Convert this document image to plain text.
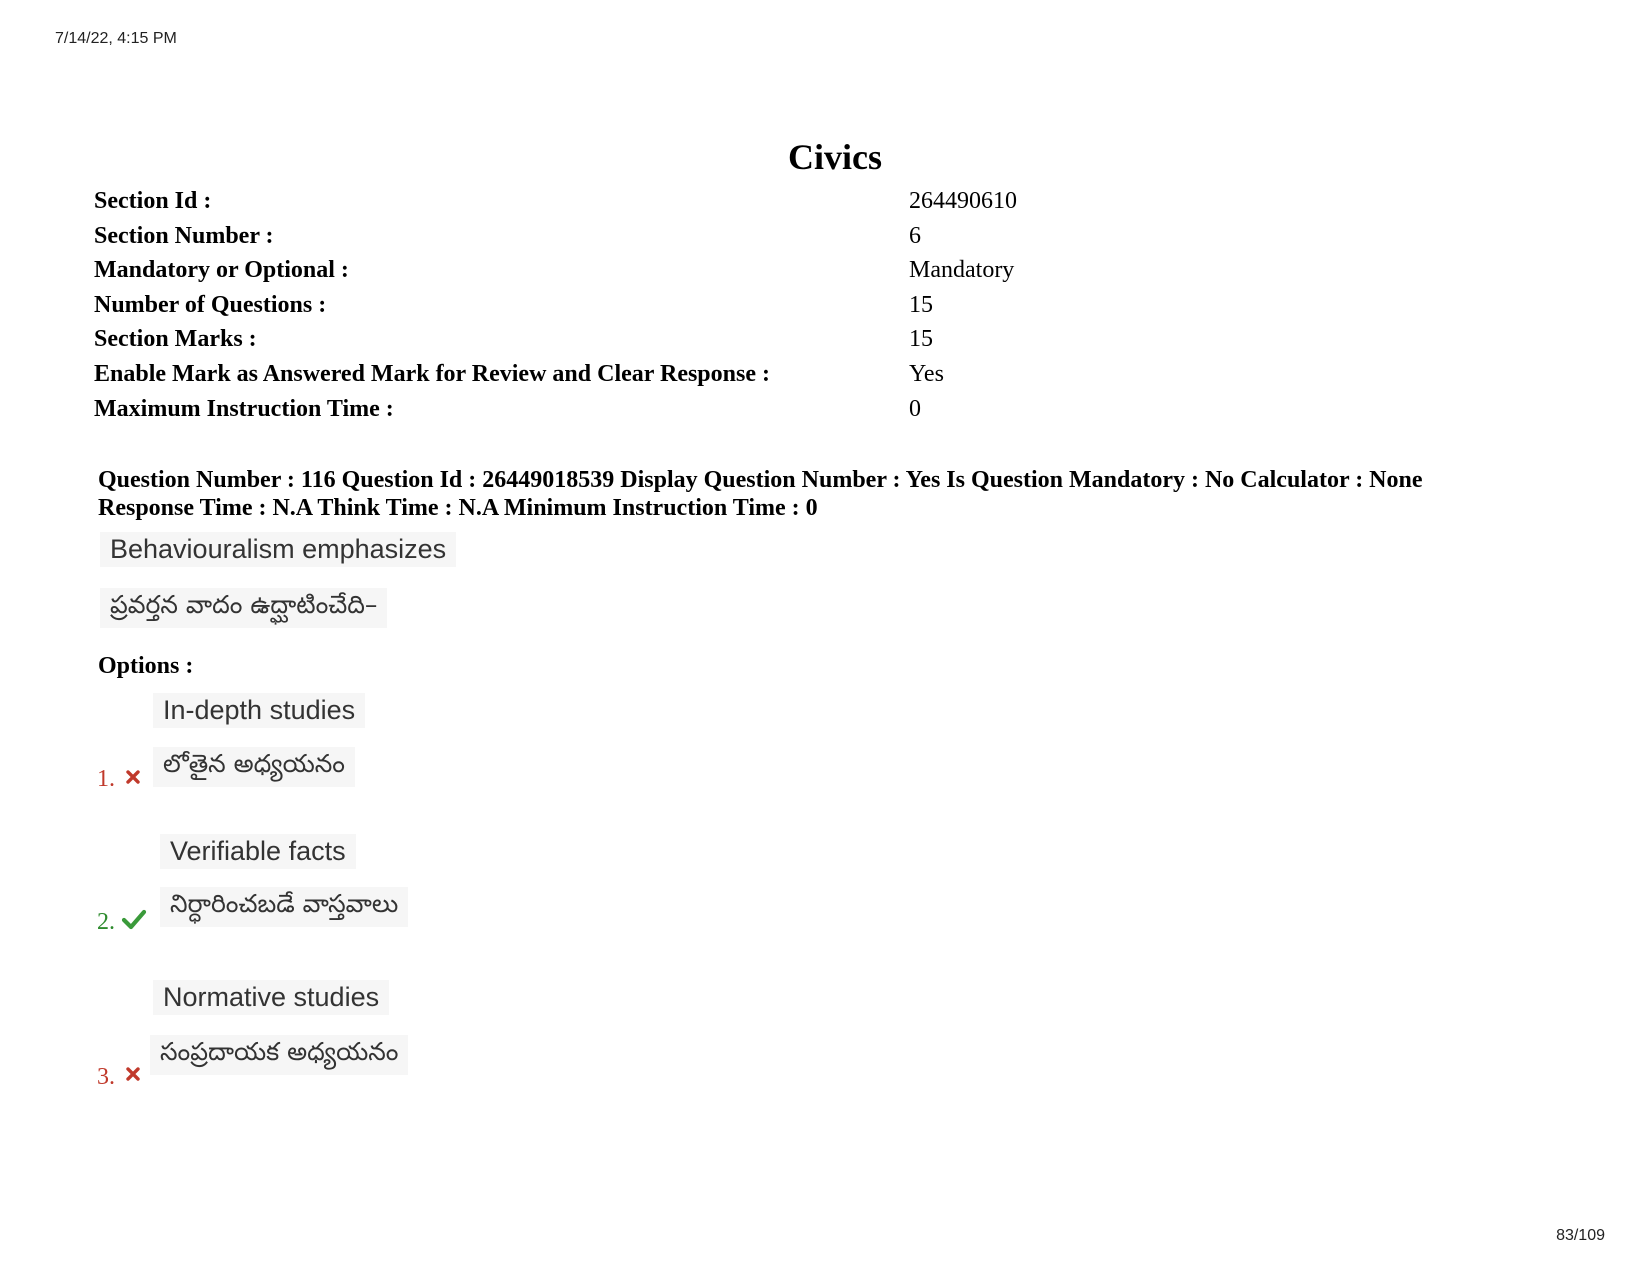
7/14/22, 4:15 PM
Civics
Section Id :	264490610
Section Number :	6
Mandatory or Optional :	Mandatory
Number of Questions :	15
Section Marks :	15
Enable Mark as Answered Mark for Review and Clear Response :	Yes
Maximum Instruction Time :	0
Question Number : 116 Question Id : 26449018539 Display Question Number : Yes Is Question Mandatory : No Calculator : None
Response Time : N.A Think Time : N.A Minimum Instruction Time : 0
Behaviouralism emphasizes
ప్రవర్తన వాదం ఉద్ఘాటించేది–
Options :
1.
In-depth studies
లోతైన అధ్యయనం
2.
Verifiable facts
నిర్ధారించబడే వాస్తవాలు
3.
Normative studies
సంప్రదాయక అధ్యయనం
83/109
